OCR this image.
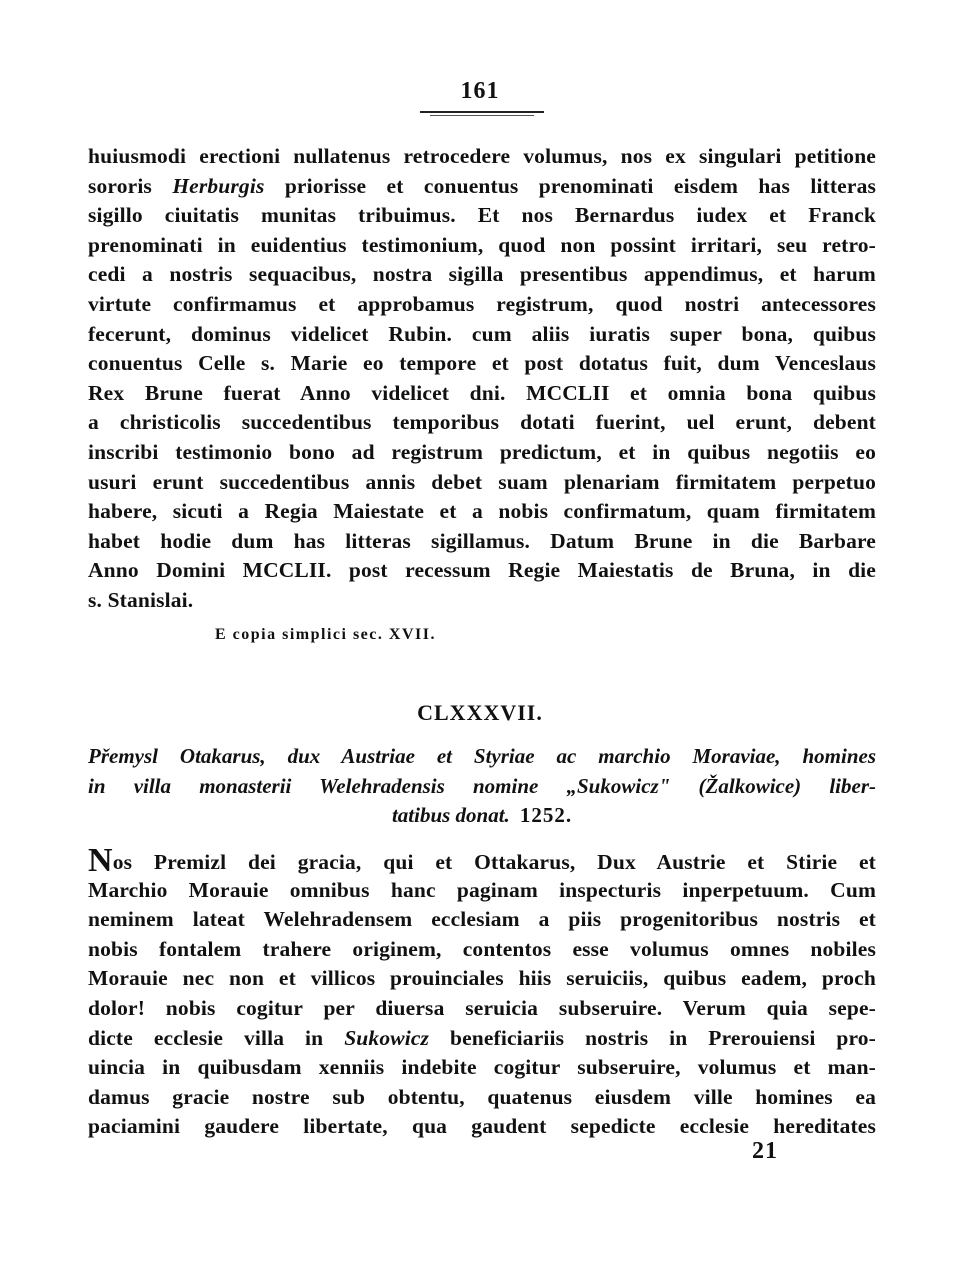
161
huiusmodi erectioni nullatenus retrocedere volumus, nos ex singulari petitione
sororis Herburgis priorisse et conuentus prenominati eisdem has litteras
sigillo ciuitatis munitas tribuimus. Et nos Bernardus iudex et Franck
prenominati in euidentius testimonium, quod non possint irritari, seu retro-
cedi a nostris sequacibus, nostra sigilla presentibus appendimus, et harum
virtute confirmamus et approbamus registrum, quod nostri antecessores
fecerunt, dominus videlicet Rubin. cum aliis iuratis super bona, quibus
conuentus Celle s. Marie eo tempore et post dotatus fuit, dum Venceslaus
Rex Brune fuerat Anno videlicet dni. MCCLII et omnia bona quibus
a christicolis succedentibus temporibus dotati fuerint, uel erunt, debent
inscribi testimonio bono ad registrum predictum, et in quibus negotiis eo
usuri erunt succedentibus annis debet suam plenariam firmitatem perpetuo
habere, sicuti a Regia Maiestate et a nobis confirmatum, quam firmitatem
habet hodie dum has litteras sigillamus. Datum Brune in die Barbare
Anno Domini MCCLII. post recessum Regie Maiestatis de Bruna, in die
s. Stanislai.
E copia simplici sec. XVII.
CLXXXVII.
Přemysl Otakarus, dux Austriae et Styriae ac marchio Moraviae, homines
in villa monasterii Welehradensis nomine „Sukowicz" (Žalkowice) liber-
tatibus donat. 1252.
Nos Premizl dei gracia, qui et Ottakarus, Dux Austrie et Stirie et
Marchio Morauie omnibus hanc paginam inspecturis inperpetuum. Cum
neminem lateat Welehradensem ecclesiam a piis progenitoribus nostris et
nobis fontalem trahere originem, contentos esse volumus omnes nobiles
Morauie nec non et villicos prouinciales hiis seruiciis, quibus eadem, proch
dolor! nobis cogitur per diuersa seruicia subseruire. Verum quia sepe-
dicte ecclesie villa in Sukowicz beneficiariis nostris in Prerouiensi pro-
uincia in quibusdam xenniis indebite cogitur subseruire, volumus et man-
damus gracie nostre sub obtentu, quatenus eiusdem ville homines ea
paciamini gaudere libertate, qua gaudent sepedicte ecclesie hereditates
21
